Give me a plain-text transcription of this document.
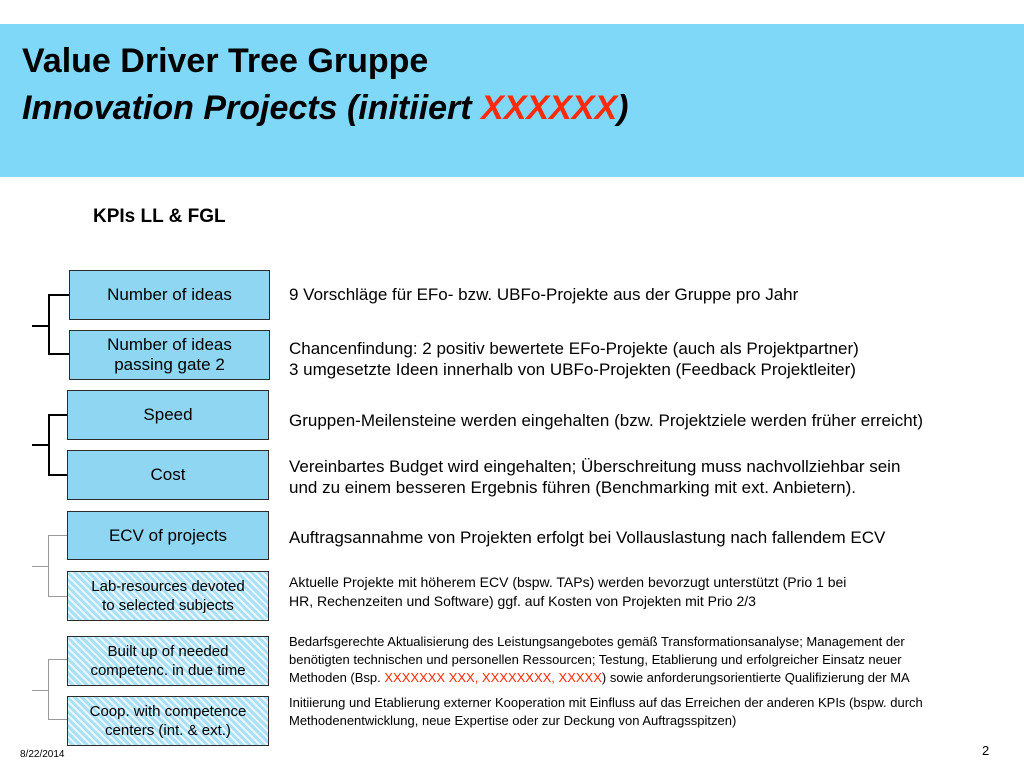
Value Driver Tree Gruppe
Innovation Projects (initiiert XXXXXX)
KPIs LL & FGL
Number of ideas
Number of ideas
passing gate 2
Speed
Cost
ECV of projects
Lab-resources devoted
to selected subjects
Built up of needed
competenc. in due time
Coop. with competence
centers (int. & ext.)
9 Vorschläge für EFo- bzw. UBFo-Projekte aus der Gruppe pro Jahr
Chancenfindung: 2 positiv bewertete EFo-Projekte (auch als Projektpartner)
3 umgesetzte Ideen innerhalb von UBFo-Projekten (Feedback Projektleiter)
Gruppen-Meilensteine werden eingehalten (bzw. Projektziele werden früher erreicht)
Vereinbartes Budget wird eingehalten; Überschreitung muss nachvollziehbar sein
und zu einem besseren Ergebnis führen (Benchmarking mit ext. Anbietern).
Auftragsannahme von Projekten erfolgt bei Vollauslastung nach fallendem ECV
Aktuelle Projekte mit höherem ECV (bspw. TAPs) werden bevorzugt unterstützt (Prio 1 bei
HR, Rechenzeiten und Software) ggf. auf Kosten von Projekten mit Prio 2/3
Bedarfsgerechte Aktualisierung des Leistungsangebotes gemäß Transformationsanalyse; Management der
benötigten technischen und personellen Ressourcen; Testung, Etablierung und erfolgreicher Einsatz neuer
Methoden (Bsp. XXXXXXX XXX, XXXXXXXX, XXXXX) sowie anforderungsorientierte Qualifizierung der MA
Initiierung und Etablierung externer Kooperation mit Einfluss auf das Erreichen der anderen KPIs (bspw. durch
Methodenentwicklung, neue Expertise oder zur Deckung von Auftragsspitzen)
8/22/2014	2
